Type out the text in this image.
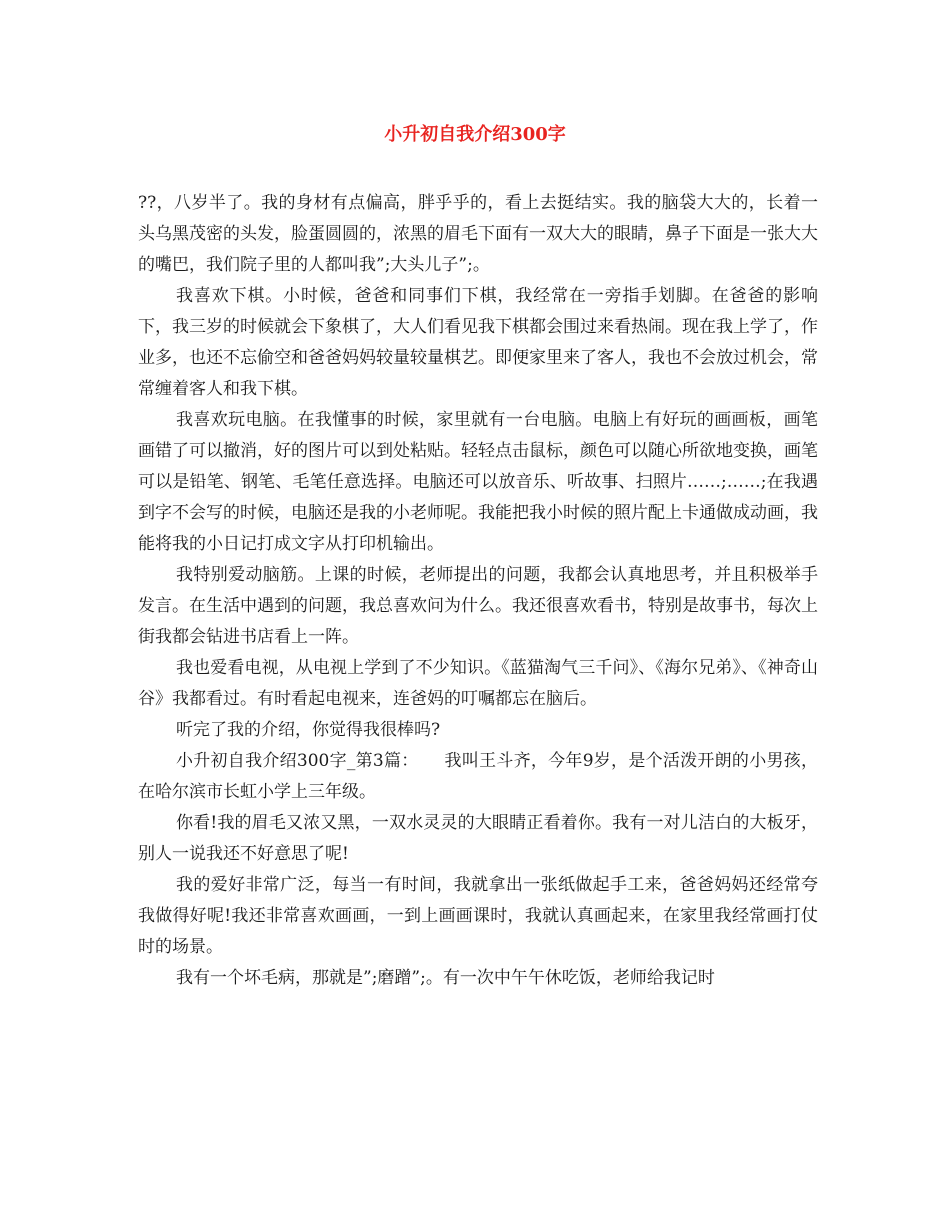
小升初自我介绍300字

??，八岁半了。我的身材有点偏高，胖乎乎的，看上去挺结实。我的脑袋大大的，长着一头乌黑茂密的头发，脸蛋圆圆的，浓黑的眉毛下面有一双大大的眼睛，鼻子下面是一张大大的嘴巴，我们院子里的人都叫我”;大头儿子”;。

我喜欢下棋。小时候，爸爸和同事们下棋，我经常在一旁指手划脚。在爸爸的影响下，我三岁的时候就会下象棋了，大人们看见我下棋都会围过来看热闹。现在我上学了，作业多，也还不忘偷空和爸爸妈妈较量较量棋艺。即便家里来了客人，我也不会放过机会，常常缠着客人和我下棋。

我喜欢玩电脑。在我懂事的时候，家里就有一台电脑。电脑上有好玩的画画板，画笔画错了可以撤消，好的图片可以到处粘贴。轻轻点击鼠标，颜色可以随心所欲地变换，画笔可以是铅笔、钢笔、毛笔任意选择。电脑还可以放音乐、听故事、扫照片……;……;在我遇到字不会写的时候，电脑还是我的小老师呢。我能把我小时候的照片配上卡通做成动画，我能将我的小日记打成文字从打印机输出。

我特别爱动脑筋。上课的时候，老师提出的问题，我都会认真地思考，并且积极举手发言。在生活中遇到的问题，我总喜欢问为什么。我还很喜欢看书，特别是故事书，每次上街我都会钻进书店看上一阵。

我也爱看电视，从电视上学到了不少知识。《蓝猫淘气三千问》、《海尔兄弟》、《神奇山谷》我都看过。有时看起电视来，连爸妈的叮嘱都忘在脑后。

听完了我的介绍，你觉得我很棒吗?

小升初自我介绍300字_第3篇：　　我叫王斗齐，今年9岁，是个活泼开朗的小男孩，在哈尔滨市长虹小学上三年级。

你看!我的眉毛又浓又黑，一双水灵灵的大眼睛正看着你。我有一对儿洁白的大板牙，别人一说我还不好意思了呢!

我的爱好非常广泛，每当一有时间，我就拿出一张纸做起手工来，爸爸妈妈还经常夸我做得好呢!我还非常喜欢画画，一到上画画课时，我就认真画起来，在家里我经常画打仗时的场景。

我有一个坏毛病，那就是”;磨蹭”;。有一次中午午休吃饭，老师给我记时
